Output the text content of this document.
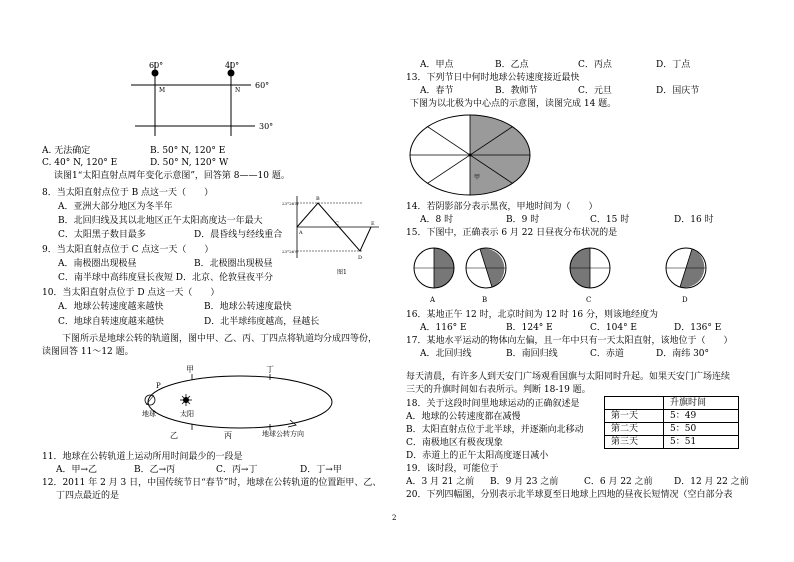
60°	40°
60°
30°
M	N
A. 无法确定	B. 50° N, 120° E
C. 40° N, 120° E	D. 50° N, 120° W
读图1“太阳直射点周年变化示意图”，回答第 8——10 题。
23°26′N
23°26′S
A
B
C
D
E
图1
8．当太阳直射点位于 B 点这一天（　　）
A．亚洲大部分地区为冬半年
B．北回归线及其以北地区正午太阳高度达一年最大
C．太阳黑子数目最多	D．晨昏线与经线重合
9．当太阳直射点位于 C 点这一天（　　）
A．南极圈出现极昼	B．北极圈出现极昼
C．南半球中高纬度昼长夜短 D．北京、伦敦昼夜平分
10．当太阳直射点位于 D 点这一天（　　）
A．地球公转速度越来越快	B．地球公转速度最快
C．地球自转速度越来越快	D．北半球纬度越高，昼越长
下图所示是地球公转的轨道图，图中甲、乙、丙、丁四点将轨道均分成四等份，
读图回答 11～12 题。
甲	丁
乙	丙
P
地球	太阳
地球公转方向
11．地球在公转轨道上运动所用时间最少的一段是
A．甲→乙	B．乙→丙	C．丙→丁	D．丁→甲
12．2011 年 2 月 3 日，中国传统节日“春节”时，地球在公转轨道的位置距甲、乙、
丁四点最近的是
A．甲点	B．乙点	C．丙点	D．丁点
13．下列节日中何时地球公转速度接近最快
A．春节	B．教师节	C．元旦	D．国庆节
下图为以北极为中心点的示意图，读图完成 14 题。
甲
14．若阴影部分表示黑夜，甲地时间为（　　）
A．8 时	B．9 时	C．15 时	D．16 时
15．下图中，正确表示 6 月 22 日昼夜分布状况的是
A	B	C	D
16．某地正午 12 时，北京时间为 12 时 16 分，则该地经度为
A．116° E	B．124° E	C．104° E	D．136° E
17．某地水平运动的物体向左偏，且一年中只有一天太阳直射，该地位于（　　）
A．北回归线	B．南回归线	C．赤道	D．南纬 30°
每天清晨，有许多人到天安门广场观看国旗与太阳同时升起。如果天安门广场连续
三天的升旗时间如右表所示。判断 18-19 题。
	升旗时间
第一天	5：49
第二天	5：50
第三天	5：51
18．关于这段时间里地球运动的正确叙述是
A．地球的公转速度都在减慢
B．太阳直射点位于北半球，并逐渐向北移动
C．南极地区有极夜现象
D．赤道上的正午太阳高度逐日减小
19．该时段，可能位于
A．3 月 21 之前 B．9 月 23 之前	C．6 月 22 之前 D．12 月 22 之前
20．下列四幅图，分别表示北半球夏至日地球上四地的昼夜长短情况（空白部分表
2
